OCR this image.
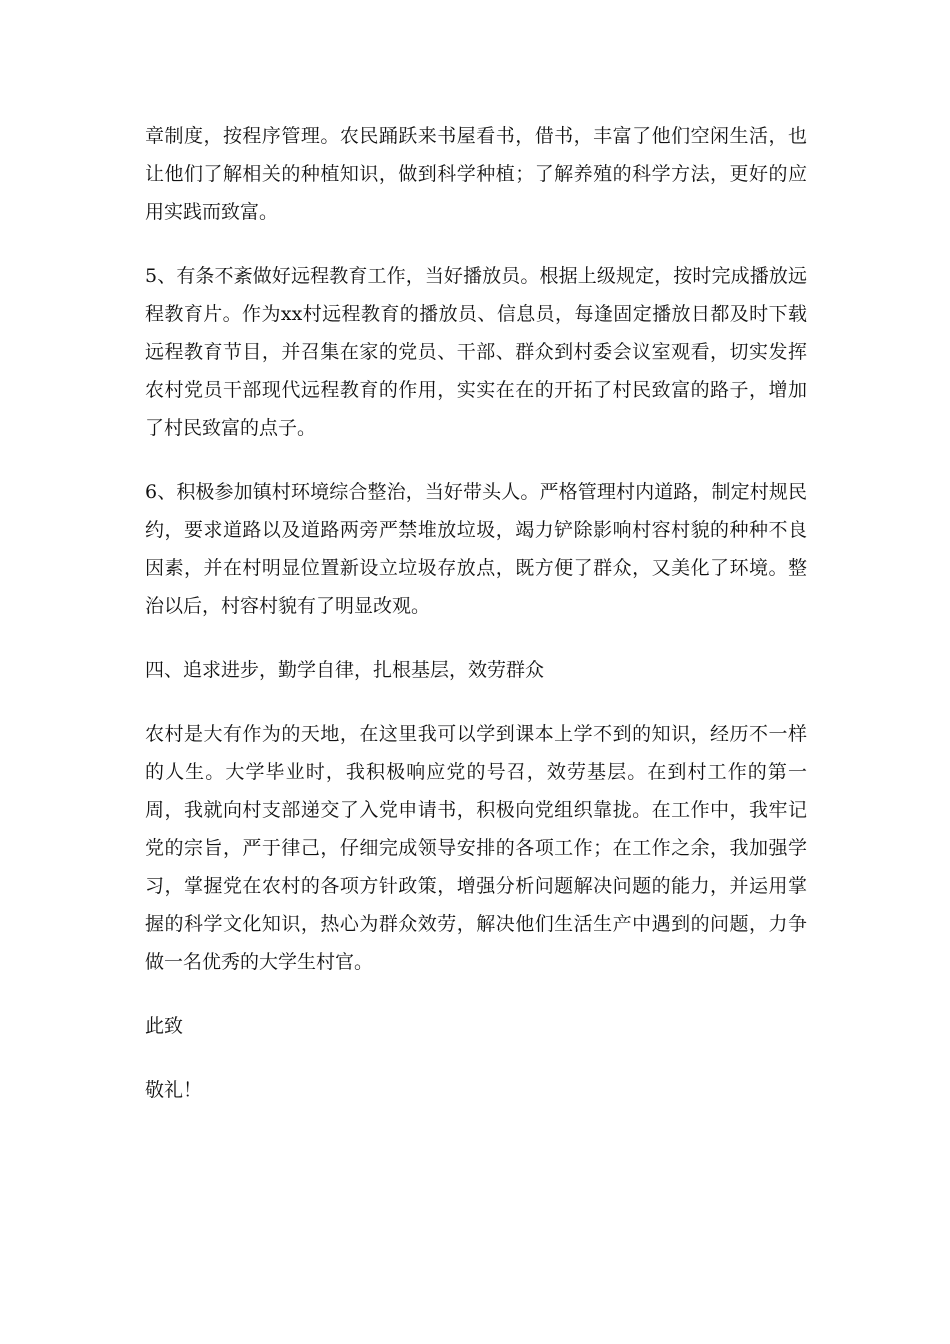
章制度，按程序管理。农民踊跃来书屋看书，借书，丰富了他们空闲生活，也让他们了解相关的种植知识，做到科学种植；了解养殖的科学方法，更好的应用实践而致富。

5、有条不紊做好远程教育工作，当好播放员。根据上级规定，按时完成播放远程教育片。作为xx村远程教育的播放员、信息员，每逢固定播放日都及时下载远程教育节目，并召集在家的党员、干部、群众到村委会议室观看，切实发挥农村党员干部现代远程教育的作用，实实在在的开拓了村民致富的路子，增加了村民致富的点子。

6、积极参加镇村环境综合整治，当好带头人。严格管理村内道路，制定村规民约，要求道路以及道路两旁严禁堆放垃圾，竭力铲除影响村容村貌的种种不良因素，并在村明显位置新设立垃圾存放点，既方便了群众，又美化了环境。整治以后，村容村貌有了明显改观。

四、追求进步，勤学自律，扎根基层，效劳群众

农村是大有作为的天地，在这里我可以学到课本上学不到的知识，经历不一样的人生。大学毕业时，我积极响应党的号召，效劳基层。在到村工作的第一周，我就向村支部递交了入党申请书，积极向党组织靠拢。在工作中，我牢记党的宗旨，严于律己，仔细完成领导安排的各项工作；在工作之余，我加强学习，掌握党在农村的各项方针政策，增强分析问题解决问题的能力，并运用掌握的科学文化知识，热心为群众效劳，解决他们生活生产中遇到的问题，力争做一名优秀的大学生村官。

此致

敬礼！
